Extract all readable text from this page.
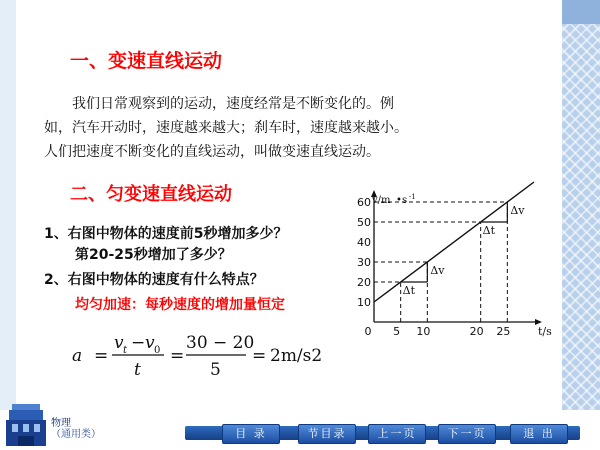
一、变速直线运动

我们日常观察到的运动，速度经常是不断变化的。例

如，汽车开动时，速度越来越大；刹车时，速度越来越小。
人们把速度不断变化的直线运动，叫做变速直线运动。
二、匀变速直线运动
1、右图中物体的速度前5秒增加多少？
第20-25秒增加了多少？
2、右图中物体的速度有什么特点？
均匀加速：每秒速度的增加量恒定
a =
v t − v 0
t
=
30 − 20
5
= 2m/s2
Δt
Δv
Δt
Δv
0 5 10	20 25
10
20
30
40
50
60
t/s
v/m • s -1
物理
（通用类）	目 录	节目录	上一页	下一页	退 出
